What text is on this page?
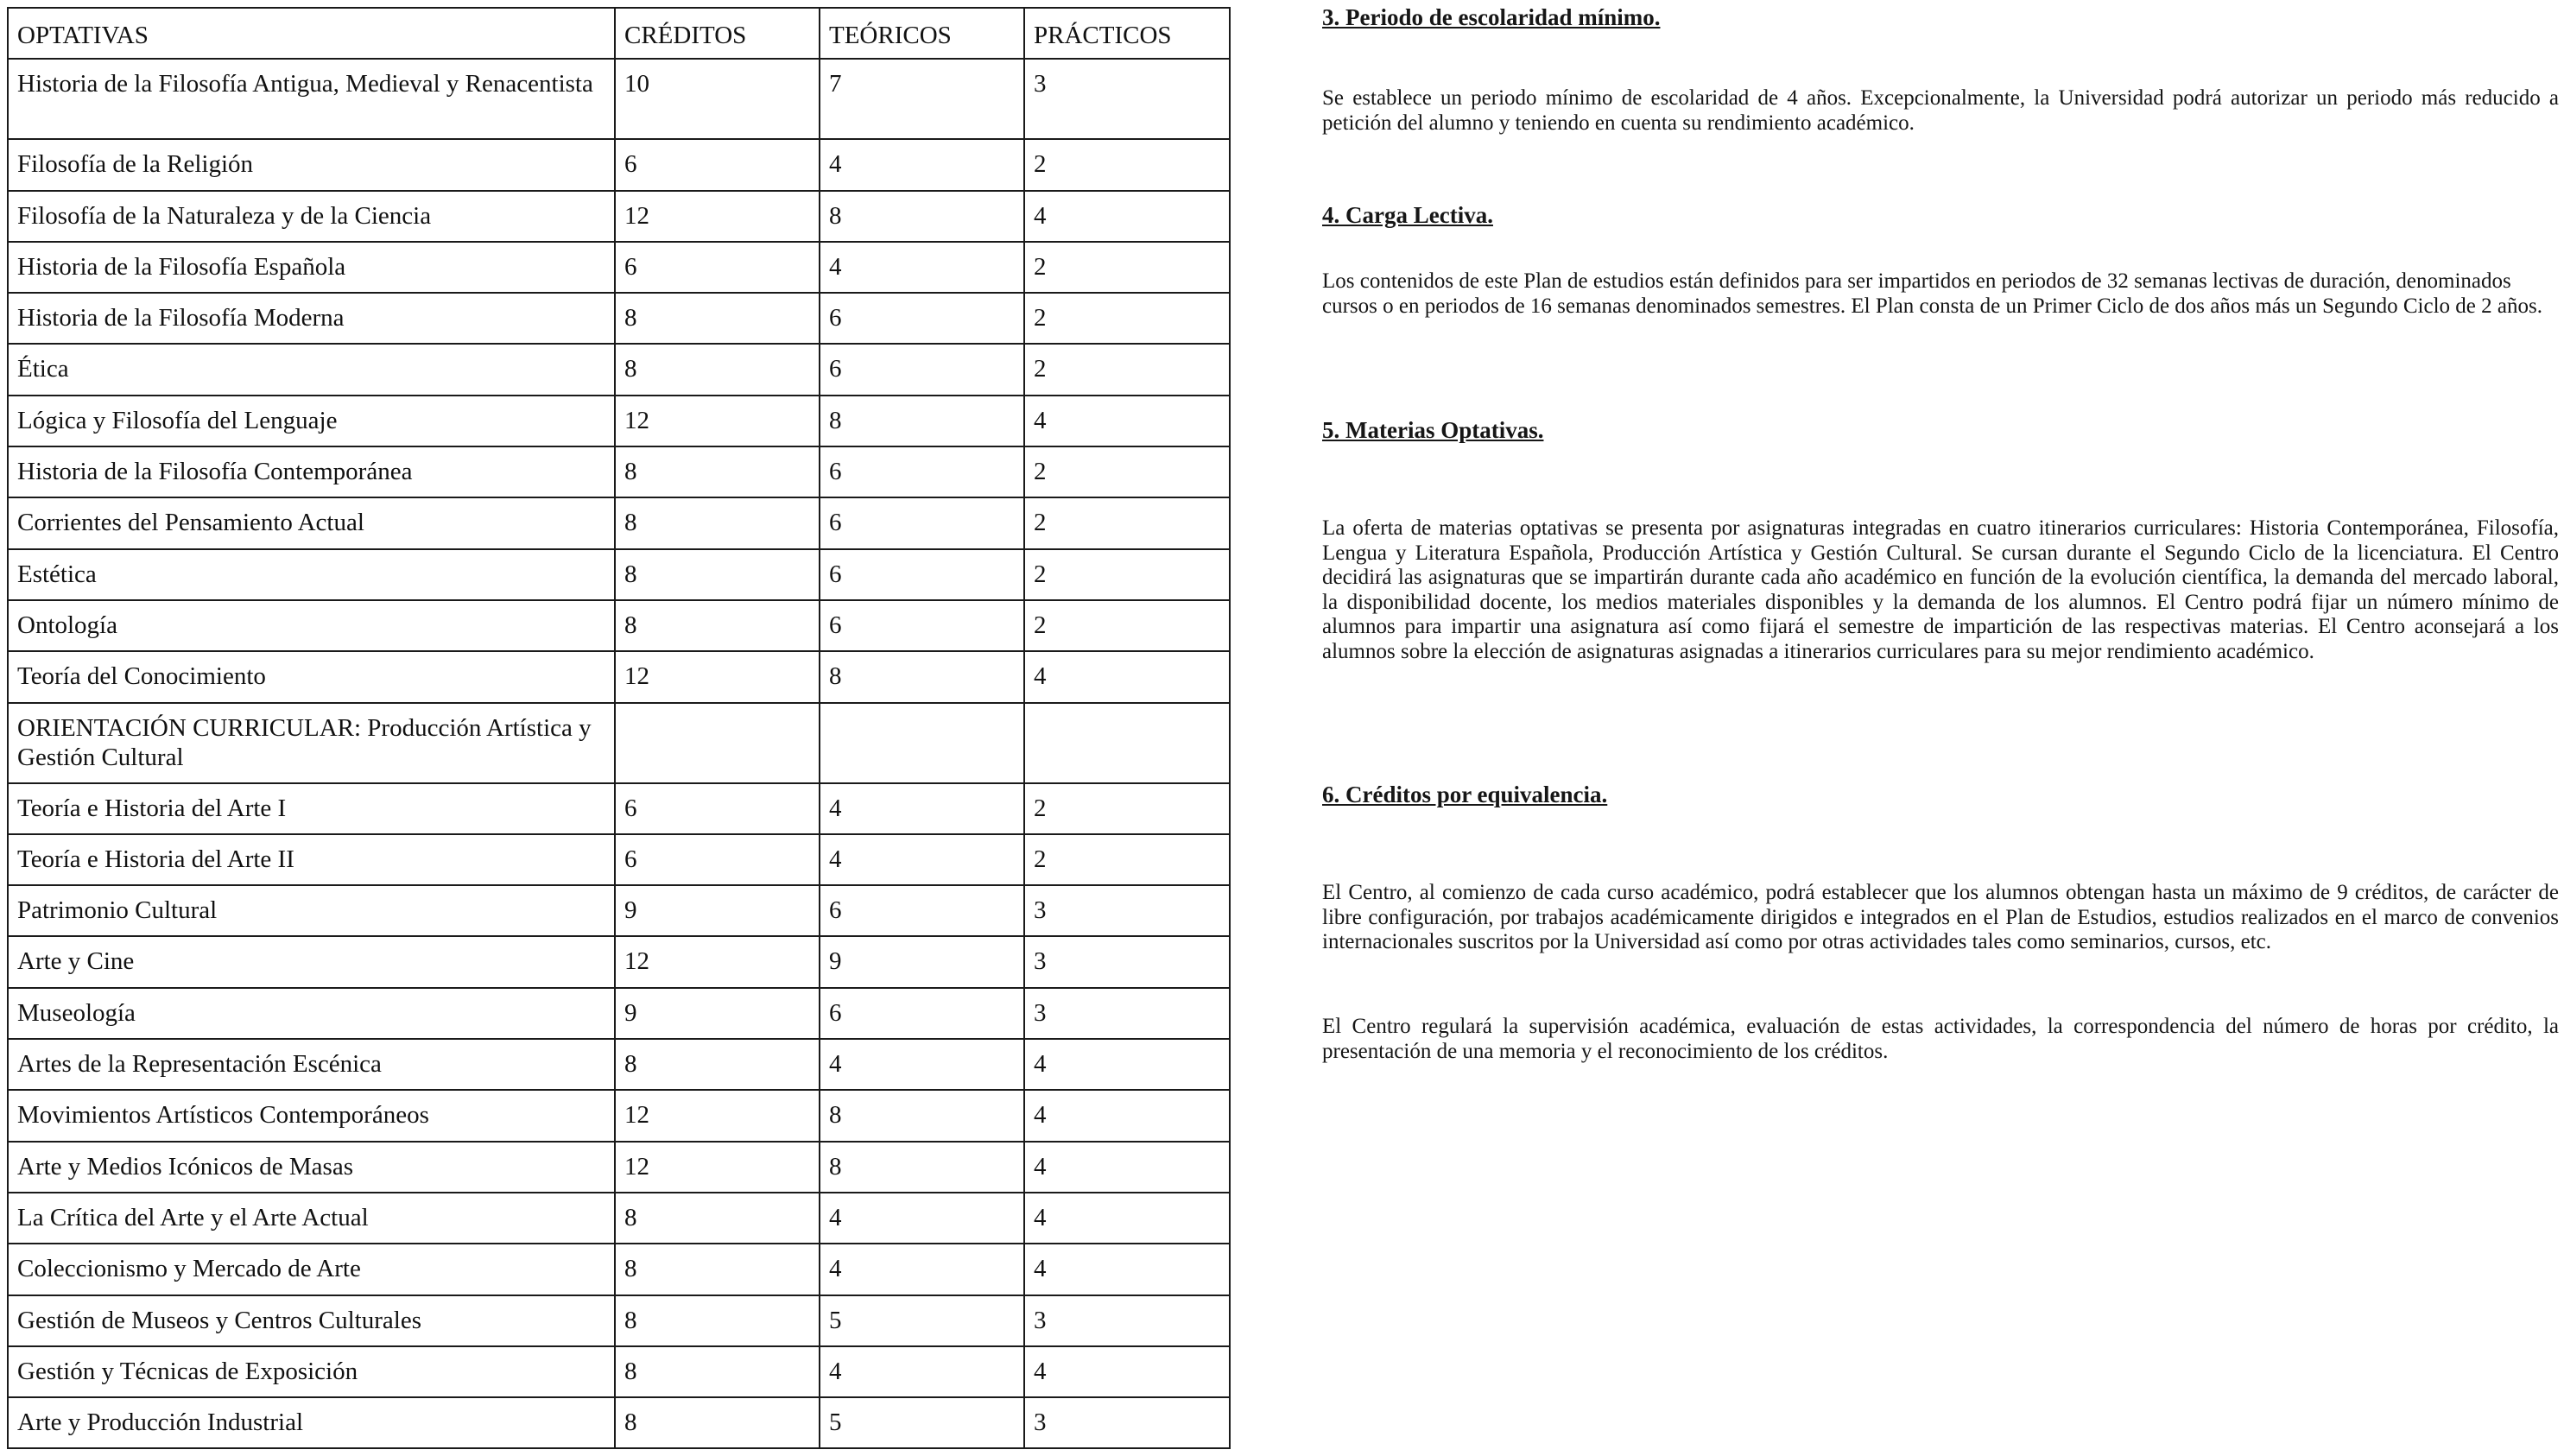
OPTATIVAS	CRÉDITOS	TEÓRICOS	PRÁCTICOS
Historia de la Filosofía Antigua, Medieval y Renacentista	10	7	3
Filosofía de la Religión	6	4	2
Filosofía de la Naturaleza y de la Ciencia	12	8	4
Historia de la Filosofía Española	6	4	2
Historia de la Filosofía Moderna	8	6	2
Ética	8	6	2
Lógica y Filosofía del Lenguaje	12	8	4
Historia de la Filosofía Contemporánea	8	6	2
Corrientes del Pensamiento Actual	8	6	2
Estética	8	6	2
Ontología	8	6	2
Teoría del Conocimiento	12	8	4
ORIENTACIÓN CURRICULAR: Producción Artística y Gestión Cultural			
Teoría e Historia del Arte I	6	4	2
Teoría e Historia del Arte II	6	4	2
Patrimonio Cultural	9	6	3
Arte y Cine	12	9	3
Museología	9	6	3
Artes de la Representación Escénica	8	4	4
Movimientos Artísticos Contemporáneos	12	8	4
Arte y Medios Icónicos de Masas	12	8	4
La Crítica del Arte y el Arte Actual	8	4	4
Coleccionismo y Mercado de Arte	8	4	4
Gestión de Museos y Centros Culturales	8	5	3
Gestión y Técnicas de Exposición	8	4	4
Arte y Producción Industrial	8	5	3
3. Periodo de escolaridad mínimo.

Se establece un periodo mínimo de escolaridad de 4 años. Excepcionalmente, la Universidad podrá autorizar un periodo más reducido a petición del alumno y teniendo en cuenta su rendimiento académico.

4. Carga Lectiva.

Los contenidos de este Plan de estudios están definidos para ser impartidos en periodos de 32 semanas lectivas de duración, denominados cursos o en periodos de 16 semanas denominados semestres. El Plan consta de un Primer Ciclo de dos años más un Segundo Ciclo de 2 años.

5. Materias Optativas.

La oferta de materias optativas se presenta por asignaturas integradas en cuatro itinerarios curriculares: Historia Contemporánea, Filosofía, Lengua y Literatura Española, Producción Artística y Gestión Cultural. Se cursan durante el Segundo Ciclo de la licenciatura. El Centro decidirá las asignaturas que se impartirán durante cada año académico en función de la evolución científica, la demanda del mercado laboral, la disponibilidad docente, los medios materiales disponibles y la demanda de los alumnos. El Centro podrá fijar un número mínimo de alumnos para impartir una asignatura así como fijará el semestre de impartición de las respectivas materias. El Centro aconsejará a los alumnos sobre la elección de asignaturas asignadas a itinerarios curriculares para su mejor rendimiento académico.

6. Créditos por equivalencia.

El Centro, al comienzo de cada curso académico, podrá establecer que los alumnos obtengan hasta un máximo de 9 créditos, de carácter de libre configuración, por trabajos académicamente dirigidos e integrados en el Plan de Estudios, estudios realizados en el marco de convenios internacionales suscritos por la Universidad así como por otras actividades tales como seminarios, cursos, etc.

El Centro regulará la supervisión académica, evaluación de estas actividades, la correspondencia del número de horas por crédito, la presentación de una memoria y el reconocimiento de los créditos.
